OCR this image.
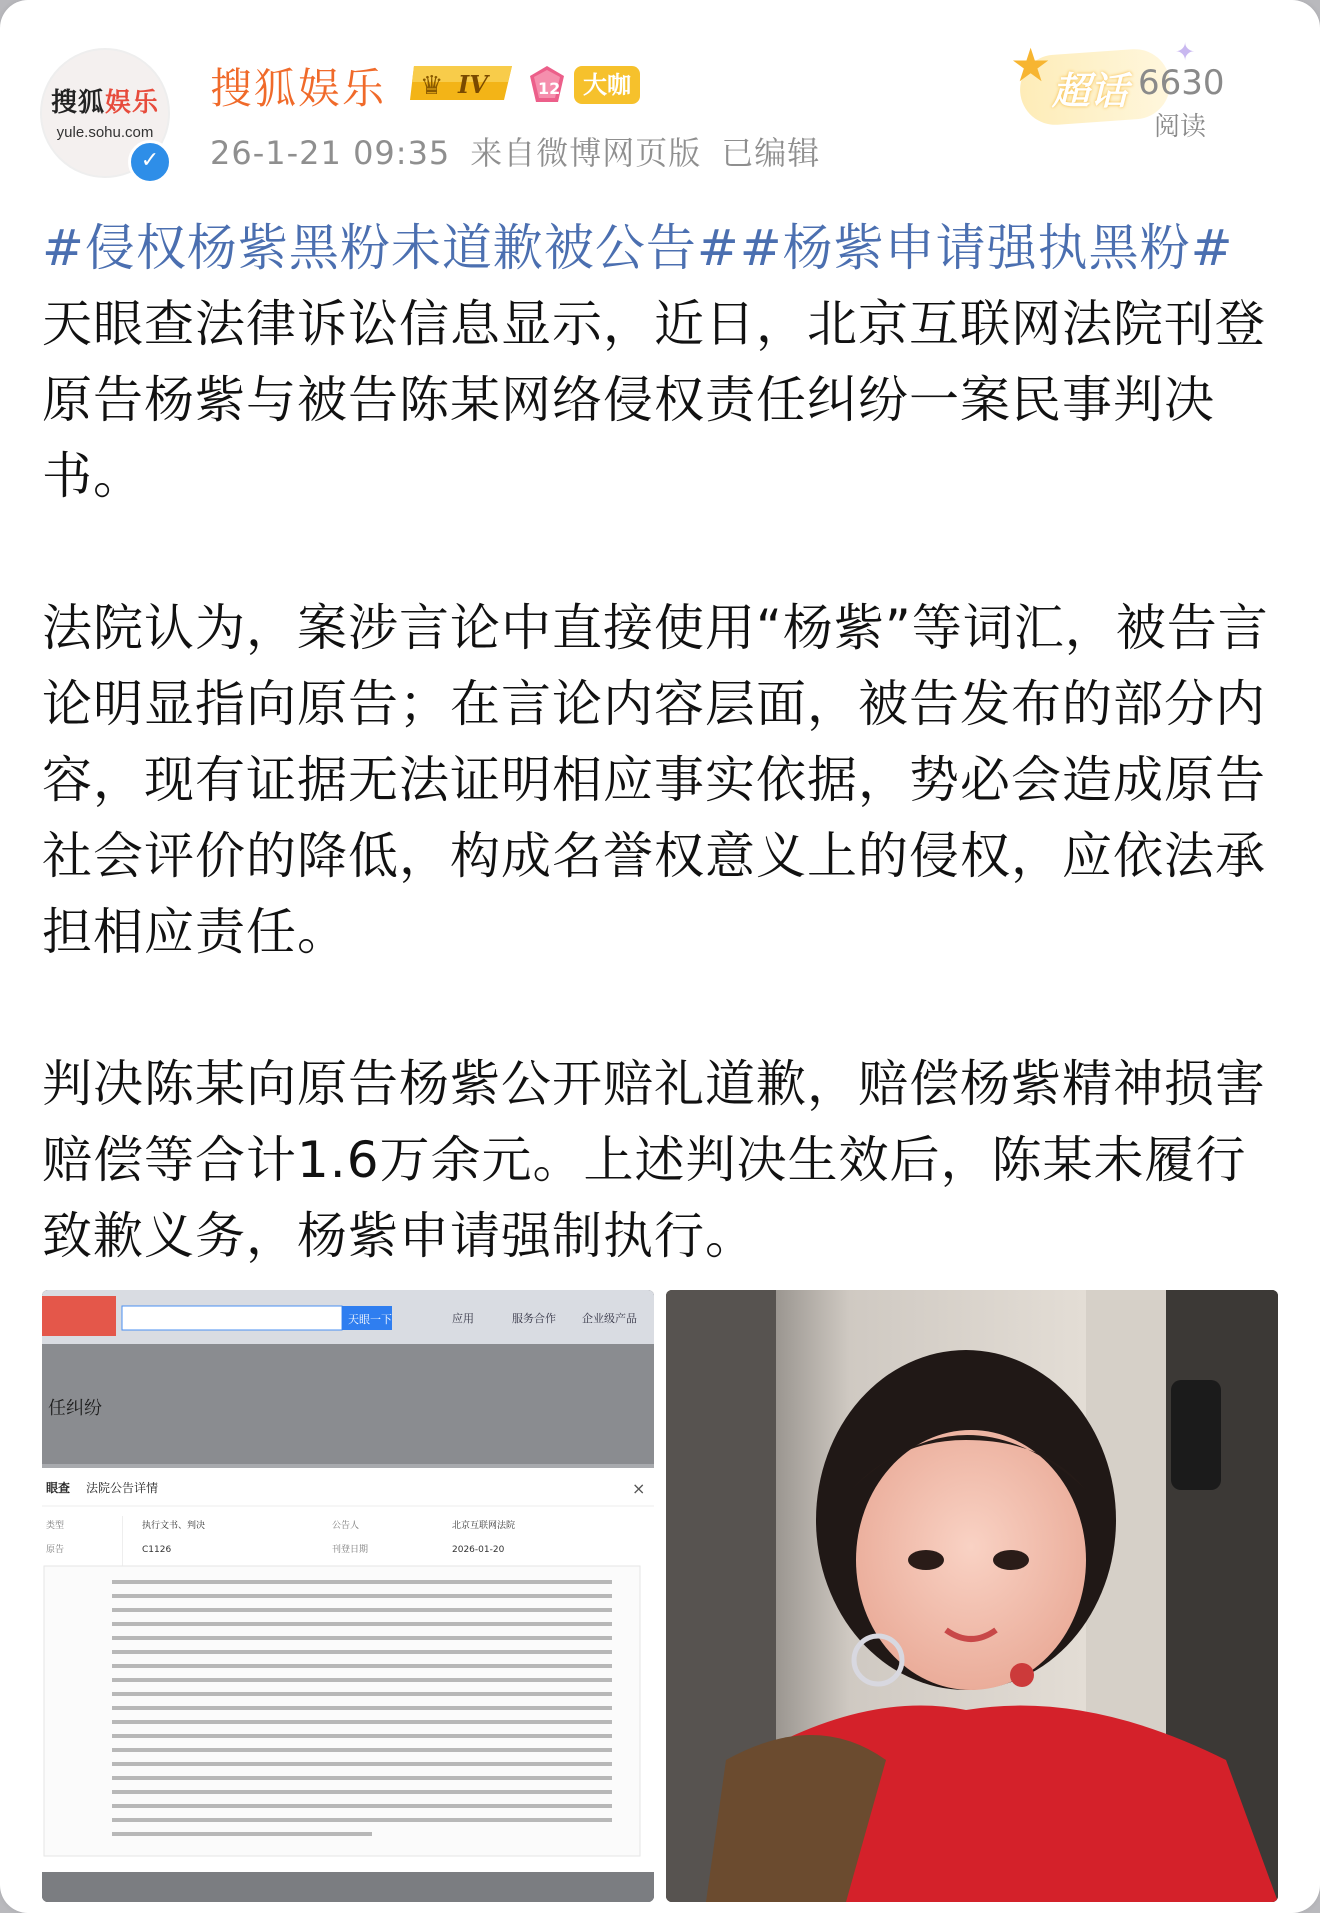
搜狐娱乐
yule.sohu.com
✓
搜狐娱乐 ♛ IV	12 大咖
26-1-21 09:35 来自微博网页版 已编辑
★ 超话
✦
6630
阅读
#侵权杨紫黑粉未道歉被公告##杨紫申请强执黑粉#
天眼查法律诉讼信息显示，近日，北京互联网法院刊登原告杨紫与被告陈某网络侵权责任纠纷一案民事判决书。
法院认为，案涉言论中直接使用“杨紫”等词汇，被告言论明显指向原告；在言论内容层面，被告发布的部分内容，现有证据无法证明相应事实依据，势必会造成原告社会评价的降低，构成名誉权意义上的侵权，应依法承担相应责任。
判决陈某向原告杨紫公开赔礼道歉，赔偿杨紫精神损害赔偿等合计1.6万余元。上述判决生效后，陈某未履行致歉义务，杨紫申请强制执行。
天眼一下	应用	服务合作 企业级产品
任纠纷
眼查 法院公告详情	×
类型	执行文书、判决	公告人	北京互联网法院
原告	C1126	刊登日期	2026-01-20
